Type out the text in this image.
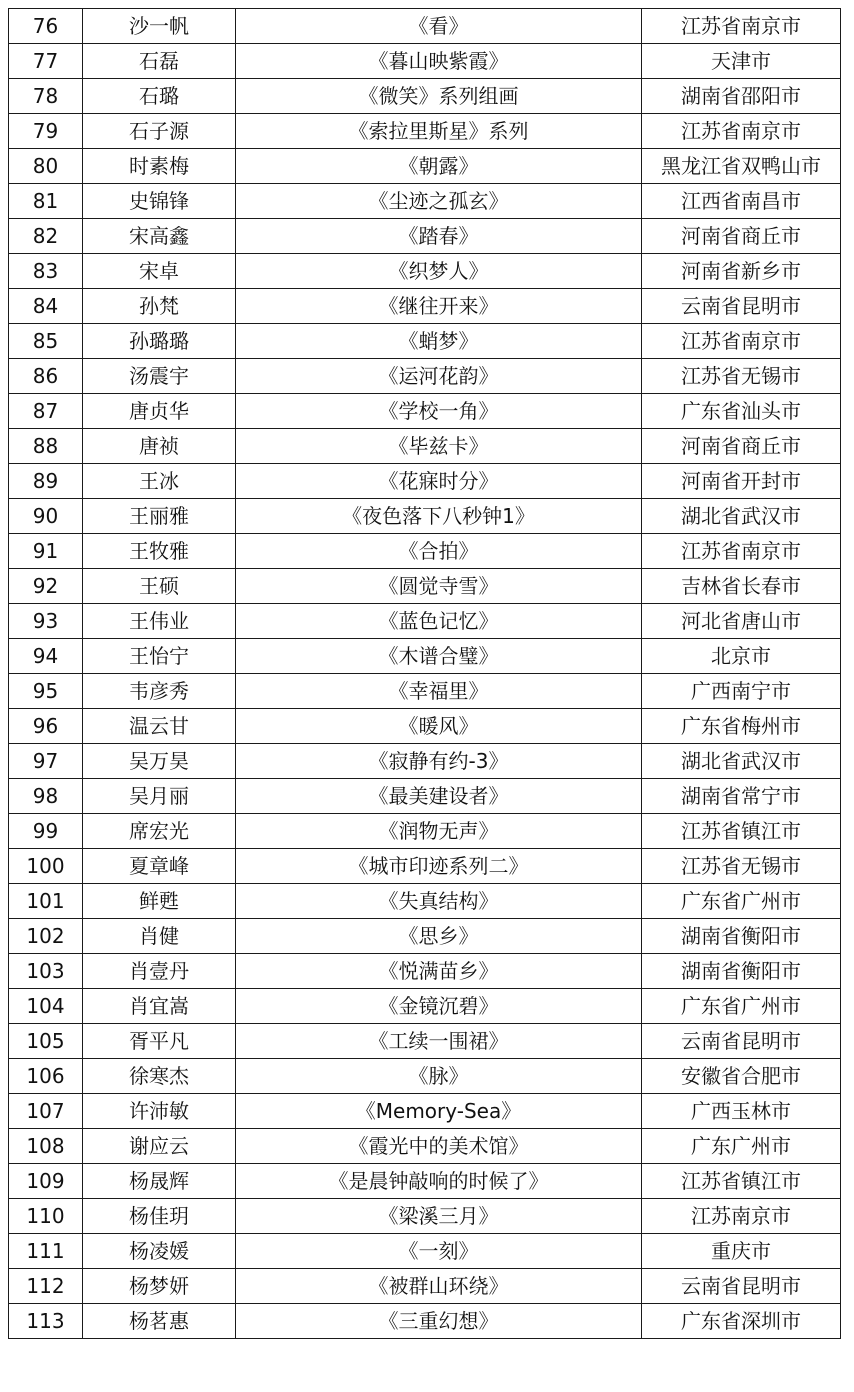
76	沙一帆	《看》	江苏省南京市
77	石磊	《暮山映紫霞》	天津市
78	石璐	《微笑》系列组画	湖南省邵阳市
79	石子源	《索拉里斯星》系列	江苏省南京市
80	时素梅	《朝露》	黑龙江省双鸭山市
81	史锦锋	《尘迹之孤玄》	江西省南昌市
82	宋高鑫	《踏春》	河南省商丘市
83	宋卓	《织梦人》	河南省新乡市
84	孙梵	《继往开来》	云南省昆明市
85	孙璐璐	《蛸梦》	江苏省南京市
86	汤震宇	《运河花韵》	江苏省无锡市
87	唐贞华	《学校一角》	广东省汕头市
88	唐祯	《毕兹卡》	河南省商丘市
89	王冰	《花寐时分》	河南省开封市
90	王丽雅	《夜色落下八秒钟1》	湖北省武汉市
91	王牧雅	《合拍》	江苏省南京市
92	王硕	《圆觉寺雪》	吉林省长春市
93	王伟业	《蓝色记忆》	河北省唐山市
94	王怡宁	《木谱合璧》	北京市
95	韦彦秀	《幸福里》	广西南宁市
96	温云甘	《暖风》	广东省梅州市
97	吴万昊	《寂静有约-3》	湖北省武汉市
98	吴月丽	《最美建设者》	湖南省常宁市
99	席宏光	《润物无声》	江苏省镇江市
100	夏章峰	《城市印迹系列二》	江苏省无锡市
101	鲜甦	《失真结构》	广东省广州市
102	肖健	《思乡》	湖南省衡阳市
103	肖壹丹	《悦满苗乡》	湖南省衡阳市
104	肖宜嵩	《金镜沉碧》	广东省广州市
105	胥平凡	《工续一围裙》	云南省昆明市
106	徐寒杰	《脉》	安徽省合肥市
107	许沛敏	《Memory-Sea》	广西玉林市
108	谢应云	《霞光中的美术馆》	广东广州市
109	杨晟辉	《是晨钟敲响的时候了》	江苏省镇江市
110	杨佳玥	《梁溪三月》	江苏南京市
111	杨凌媛	《一刻》	重庆市
112	杨梦妍	《被群山环绕》	云南省昆明市
113	杨茗惠	《三重幻想》	广东省深圳市
